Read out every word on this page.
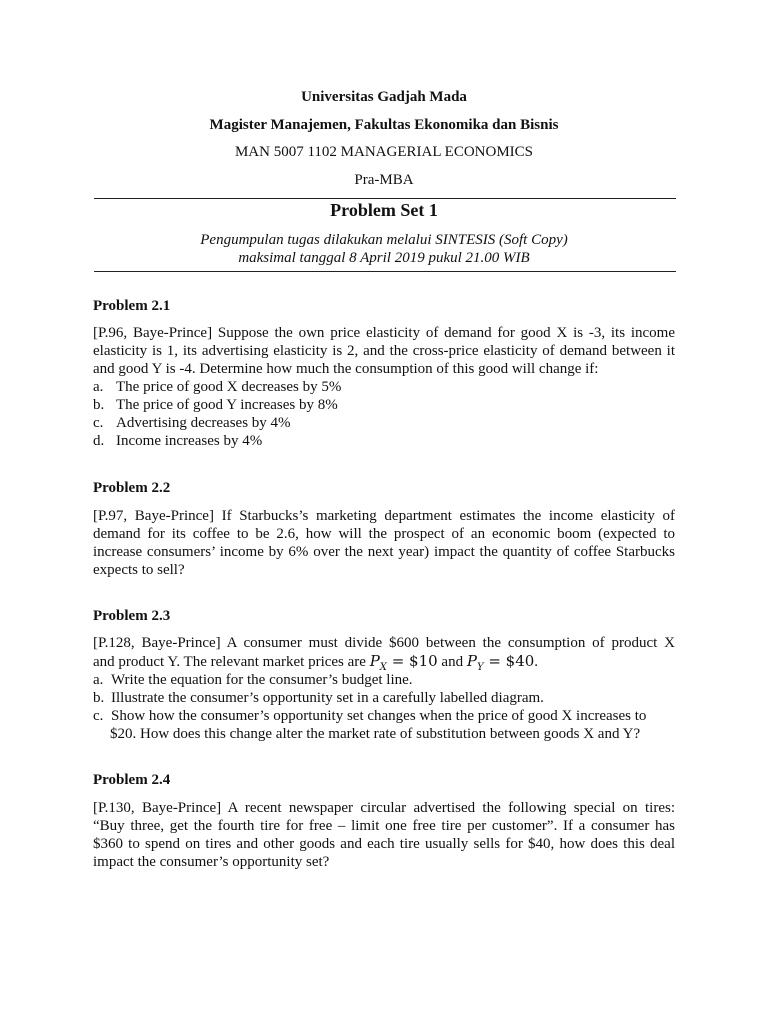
Universitas Gadjah Mada
Magister Manajemen, Fakultas Ekonomika dan Bisnis
MAN 5007 1102 MANAGERIAL ECONOMICS
Pra-MBA
Problem Set 1
Pengumpulan tugas dilakukan melalui SINTESIS (Soft Copy)
maksimal tanggal 8 April 2019 pukul 21.00 WIB
Problem 2.1
[P.96, Baye-Prince] Suppose the own price elasticity of demand for good X is -3, its income
elasticity is 1, its advertising elasticity is 2, and the cross-price elasticity of demand between it
and good Y is -4. Determine how much the consumption of this good will change if:
a. The price of good X decreases by 5%
b. The price of good Y increases by 8%
c. Advertising decreases by 4%
d. Income increases by 4%
Problem 2.2
[P.97, Baye-Prince] If Starbucks’s marketing department estimates the income elasticity of
demand for its coffee to be 2.6, how will the prospect of an economic boom (expected to
increase consumers’ income by 6% over the next year) impact the quantity of coffee Starbucks
expects to sell?
Problem 2.3
[P.128, Baye-Prince] A consumer must divide $600 between the consumption of product X
and product Y. The relevant market prices are $P_X$ = $10 and $P_Y$ = $40.
a. Write the equation for the consumer’s budget line.
b. Illustrate the consumer’s opportunity set in a carefully labelled diagram.
c. Show how the consumer’s opportunity set changes when the price of good X increases to
$20. How does this change alter the market rate of substitution between goods X and Y?
Problem 2.4
[P.130, Baye-Prince] A recent newspaper circular advertised the following special on tires:
“Buy three, get the fourth tire for free – limit one free tire per customer”. If a consumer has
$360 to spend on tires and other goods and each tire usually sells for $40, how does this deal
impact the consumer’s opportunity set?
